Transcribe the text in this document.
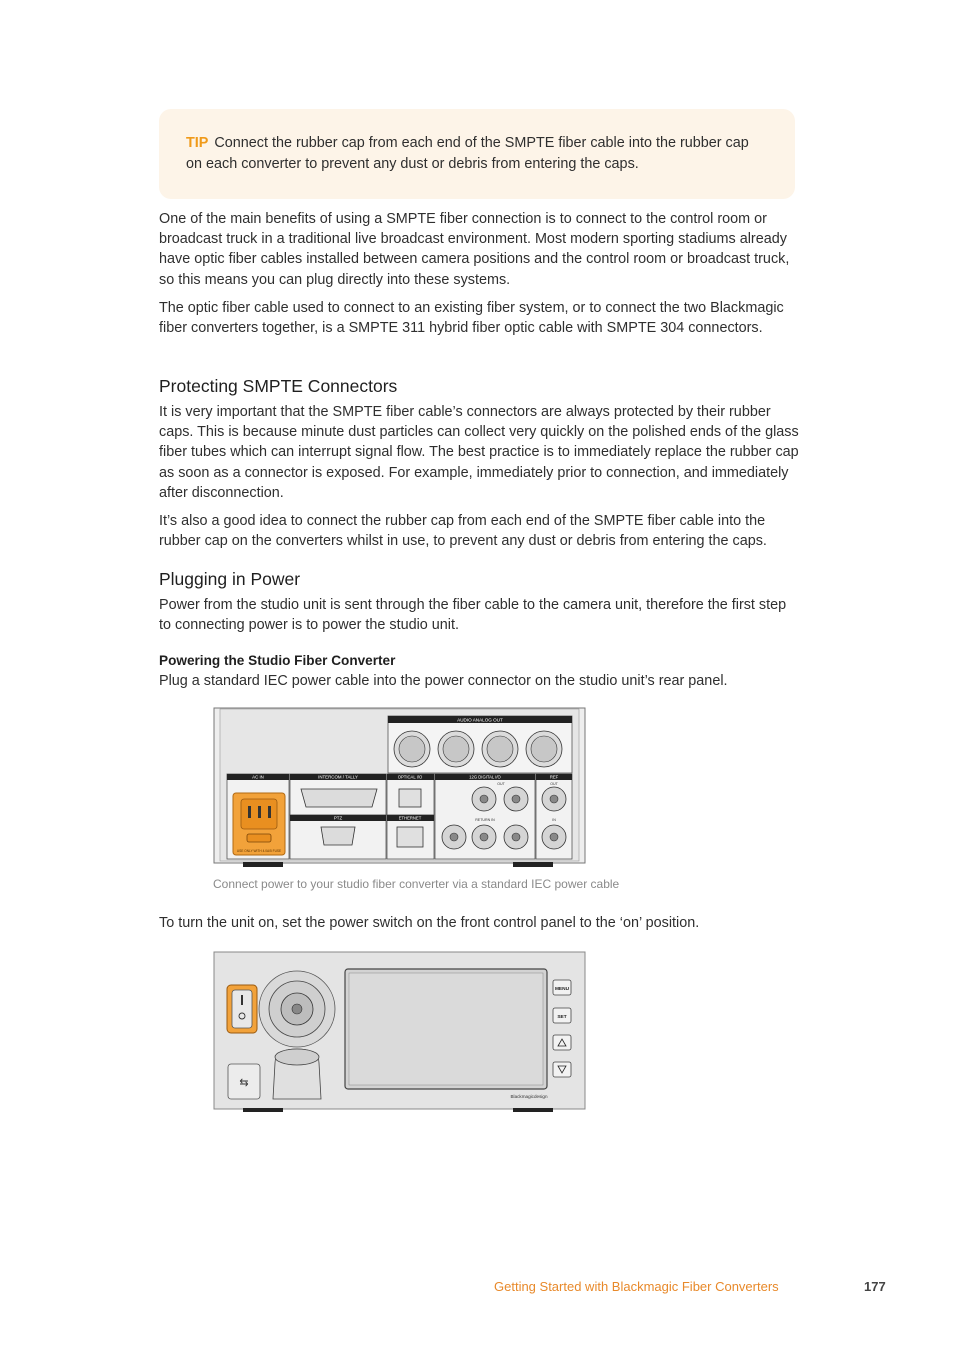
TIP Connect the rubber cap from each end of the SMPTE fiber cable into the rubber cap on each converter to prevent any dust or debris from entering the caps.

One of the main benefits of using a SMPTE fiber connection is to connect to the control room or broadcast truck in a traditional live broadcast environment. Most modern sporting stadiums already have optic fiber cables installed between camera positions and the control room or broadcast truck, so this means you can plug directly into these systems.

The optic fiber cable used to connect to an existing fiber system, or to connect the two Blackmagic fiber converters together, is a SMPTE 311 hybrid fiber optic cable with SMPTE 304 connectors.

Protecting SMPTE Connectors

It is very important that the SMPTE fiber cable’s connectors are always protected by their rubber caps. This is because minute dust particles can collect very quickly on the polished ends of the glass fiber tubes which can interrupt signal flow. The best practice is to immediately replace the rubber cap as soon as a connector is exposed. For example, immediately prior to connection, and immediately after disconnection.

It’s also a good idea to connect the rubber cap from each end of the SMPTE fiber cable into the rubber cap on the converters whilst in use, to prevent any dust or debris from entering the caps.

Plugging in Power

Power from the studio unit is sent through the fiber cable to the camera unit, therefore the first step to connecting power is to power the studio unit.

Powering the Studio Fiber Converter

Plug a standard IEC power cable into the power connector on the studio unit’s rear panel.

AUDIO ANALOG OUT
AC IN
USE ONLY WITH 4.0A/5 FUSE
INTERCOM / TALLY
PTZ
OPTICAL I/O
ETHERNET
12G DIGITAL I/O
OUT
RETURN IN
REF
OUT
IN
Connect power to your studio fiber converter via a standard IEC power cable

To turn the unit on, set the power switch on the front control panel to the ‘on’ position.

⇆
MENU
SET
Blackmagicdesign
Getting Started with Blackmagic Fiber Converters	177
